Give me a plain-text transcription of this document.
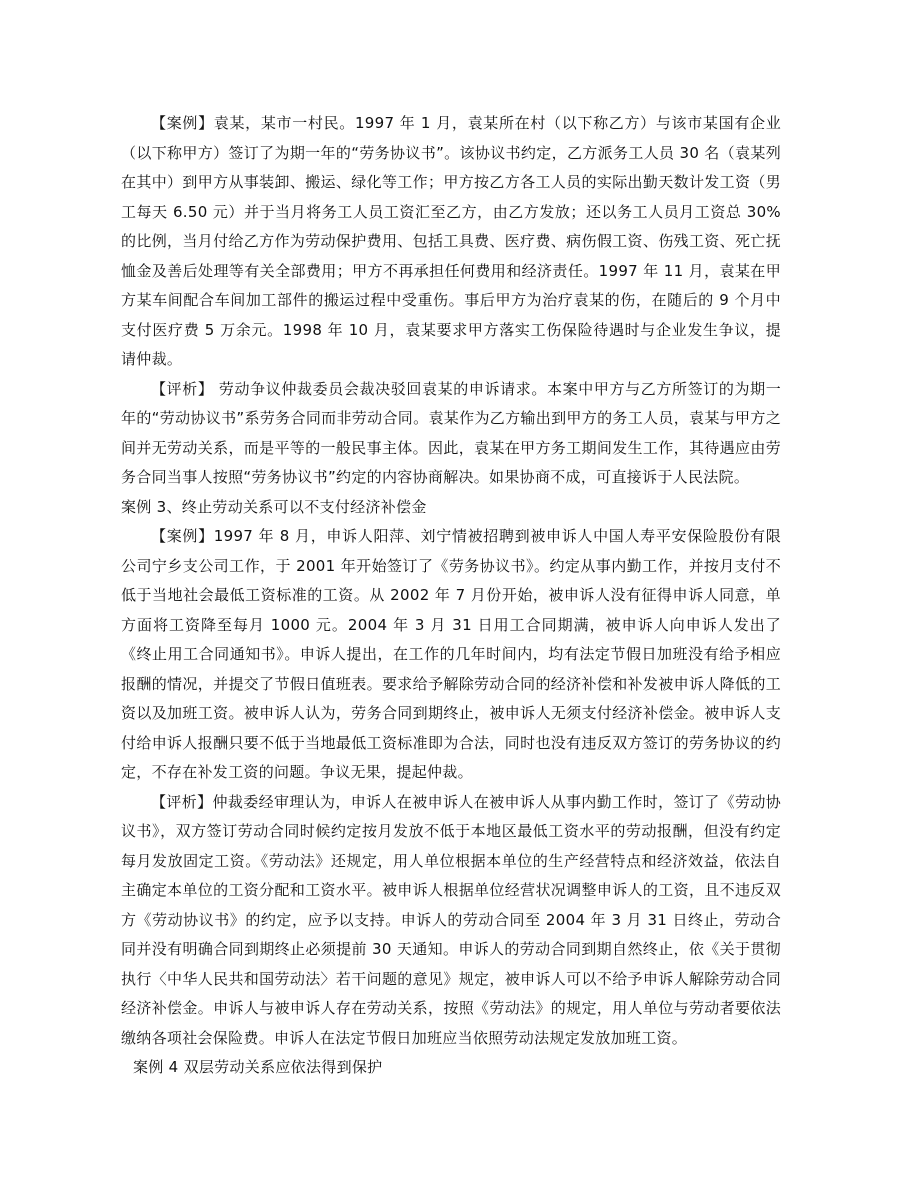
【案例】袁某，某市一村民。1997 年 1 月，袁某所在村（以下称乙方）与该市某国有企业（以下称甲方）签订了为期一年的“劳务协议书”。该协议书约定，乙方派务工人员 30 名（袁某列在其中）到甲方从事装卸、搬运、绿化等工作；甲方按乙方各工人员的实际出勤天数计发工资（男工每天 6.50 元）并于当月将务工人员工资汇至乙方，由乙方发放；还以务工人员月工资总 30%的比例，当月付给乙方作为劳动保护费用、包括工具费、医疗费、病伤假工资、伤残工资、死亡抚恤金及善后处理等有关全部费用；甲方不再承担任何费用和经济责任。1997 年 11 月，袁某在甲方某车间配合车间加工部件的搬运过程中受重伤。事后甲方为治疗袁某的伤，在随后的 9 个月中支付医疗费 5 万余元。1998 年 10 月，袁某要求甲方落实工伤保险待遇时与企业发生争议，提请仲裁。

【评析】 劳动争议仲裁委员会裁决驳回袁某的申诉请求。本案中甲方与乙方所签订的为期一年的“劳动协议书”系劳务合同而非劳动合同。袁某作为乙方输出到甲方的务工人员，袁某与甲方之间并无劳动关系，而是平等的一般民事主体。因此，袁某在甲方务工期间发生工作，其待遇应由劳务合同当事人按照“劳务协议书”约定的内容协商解决。如果协商不成，可直接诉于人民法院。

案例 3、终止劳动关系可以不支付经济补偿金

【案例】1997 年 8 月，申诉人阳萍、刘宁情被招聘到被申诉人中国人寿平安保险股份有限公司宁乡支公司工作，于 2001 年开始签订了《劳务协议书》。约定从事内勤工作，并按月支付不低于当地社会最低工资标准的工资。从 2002 年 7 月份开始，被申诉人没有征得申诉人同意，单方面将工资降至每月 1000 元。2004 年 3 月 31 日用工合同期满，被申诉人向申诉人发出了《终止用工合同通知书》。申诉人提出，在工作的几年时间内，均有法定节假日加班没有给予相应报酬的情况，并提交了节假日值班表。要求给予解除劳动合同的经济补偿和补发被申诉人降低的工资以及加班工资。被申诉人认为，劳务合同到期终止，被申诉人无须支付经济补偿金。被申诉人支付给申诉人报酬只要不低于当地最低工资标准即为合法，同时也没有违反双方签订的劳务协议的约定，不存在补发工资的问题。争议无果，提起仲裁。

【评析】仲裁委经审理认为，申诉人在被申诉人在被申诉人从事内勤工作时，签订了《劳动协议书》，双方签订劳动合同时候约定按月发放不低于本地区最低工资水平的劳动报酬，但没有约定每月发放固定工资。《劳动法》还规定，用人单位根据本单位的生产经营特点和经济效益，依法自主确定本单位的工资分配和工资水平。被申诉人根据单位经营状况调整申诉人的工资，且不违反双方《劳动协议书》的约定，应予以支持。申诉人的劳动合同至 2004 年 3 月 31 日终止，劳动合同并没有明确合同到期终止必须提前 30 天通知。申诉人的劳动合同到期自然终止，依《关于贯彻执行〈中华人民共和国劳动法〉若干问题的意见》规定，被申诉人可以不给予申诉人解除劳动合同经济补偿金。申诉人与被申诉人存在劳动关系，按照《劳动法》的规定，用人单位与劳动者要依法缴纳各项社会保险费。申诉人在法定节假日加班应当依照劳动法规定发放加班工资。

案例 4 双层劳动关系应依法得到保护
